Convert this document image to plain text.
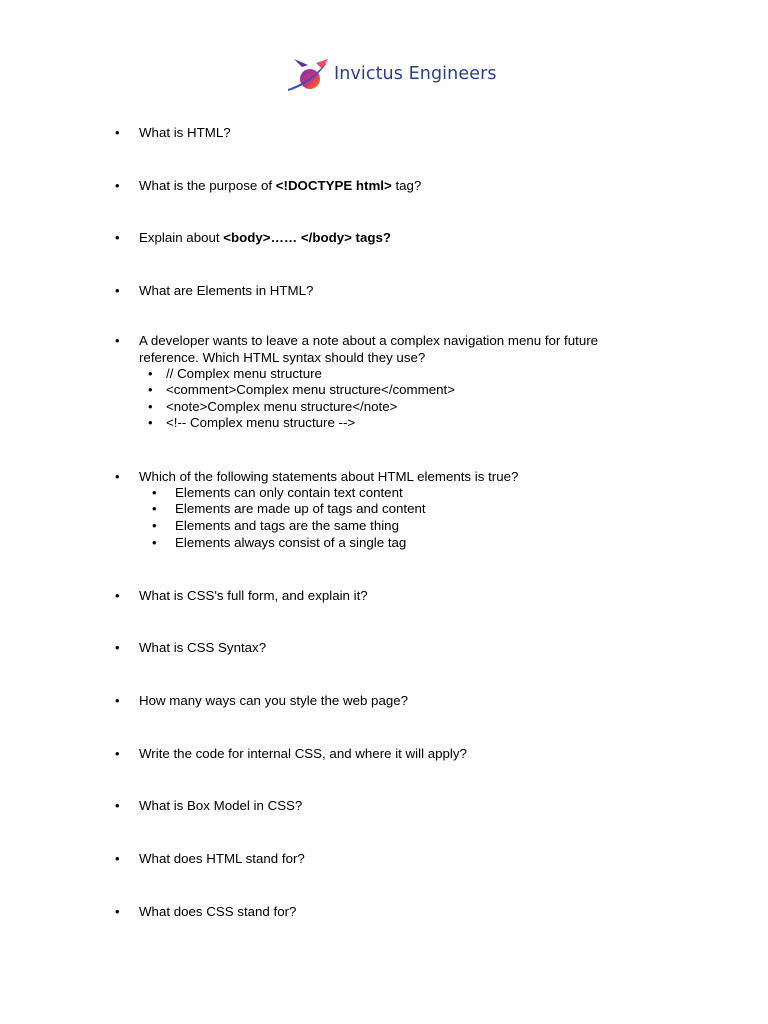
Invictus Engineers
• What is HTML?
• What is the purpose of <!DOCTYPE html> tag?
• Explain about <body>…… </body> tags?
• What are Elements in HTML?
• A developer wants to leave a note about a complex navigation menu for future
reference. Which HTML syntax should they use?
• // Complex menu structure
• <comment>Complex menu structure</comment>
• <note>Complex menu structure</note>
• <!-- Complex menu structure -->
• Which of the following statements about HTML elements is true?
• Elements can only contain text content
• Elements are made up of tags and content
• Elements and tags are the same thing
• Elements always consist of a single tag
• What is CSS's full form, and explain it?
• What is CSS Syntax?
• How many ways can you style the web page?
• Write the code for internal CSS, and where it will apply?
• What is Box Model in CSS?
• What does HTML stand for?
• What does CSS stand for?
